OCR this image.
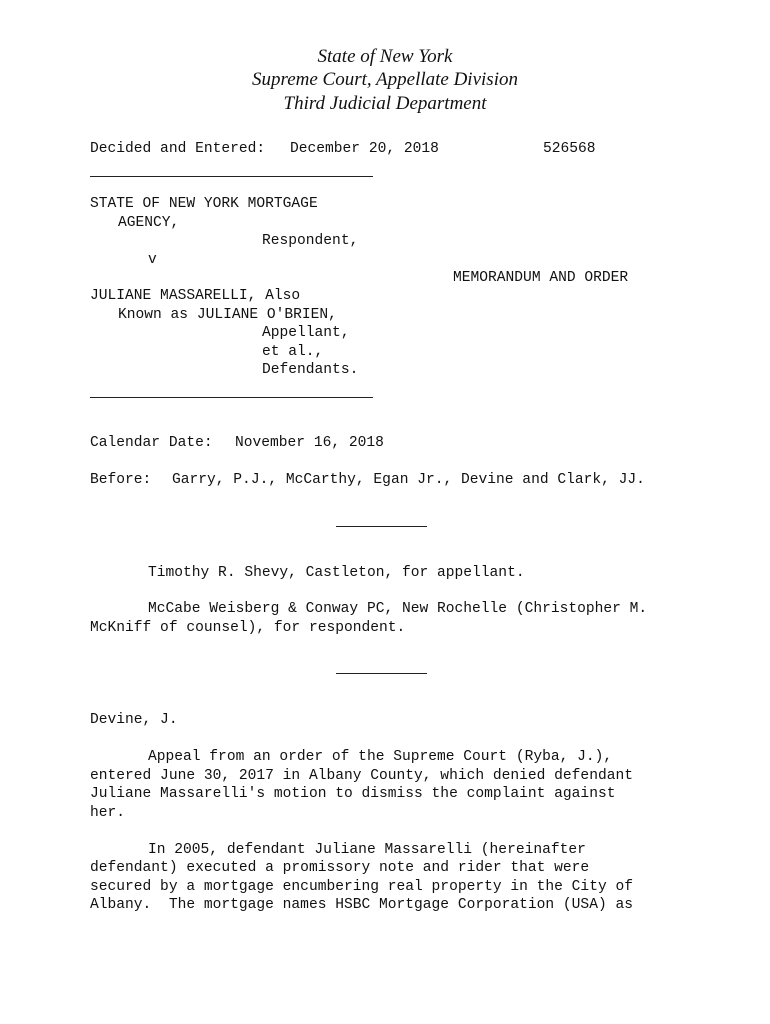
State of New York
Supreme Court, Appellate Division
Third Judicial Department
Decided and Entered: December 20, 2018	526568
STATE OF NEW YORK MORTGAGE
AGENCY,
Respondent,
v
MEMORANDUM AND ORDER
JULIANE MASSARELLI, Also
Known as JULIANE O'BRIEN,
Appellant,
et al.,
Defendants.
Calendar Date: November 16, 2018
Before: Garry, P.J., McCarthy, Egan Jr., Devine and Clark, JJ.
Timothy R. Shevy, Castleton, for appellant.
McCabe Weisberg & Conway PC, New Rochelle (Christopher M.
McKniff of counsel), for respondent.
Devine, J.
Appeal from an order of the Supreme Court (Ryba, J.),
entered June 30, 2017 in Albany County, which denied defendant
Juliane Massarelli's motion to dismiss the complaint against
her.
In 2005, defendant Juliane Massarelli (hereinafter
defendant) executed a promissory note and rider that were
secured by a mortgage encumbering real property in the City of
Albany.  The mortgage names HSBC Mortgage Corporation (USA) as
